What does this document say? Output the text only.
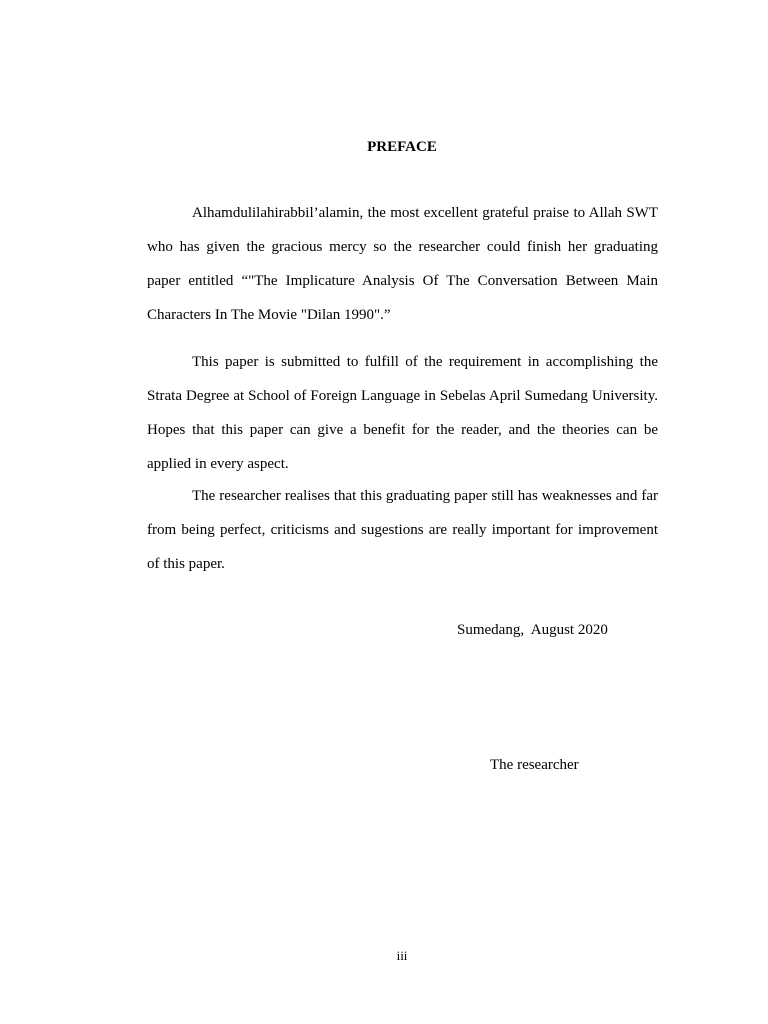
PREFACE

Alhamdulilahirabbil’alamin, the most excellent grateful praise to Allah SWT who has given the gracious mercy so the researcher could finish her graduating paper entitled “"The Implicature Analysis Of The Conversation Between Main Characters In The Movie "Dilan 1990".”

This paper is submitted to fulfill of the requirement in accomplishing the Strata Degree at School of Foreign Language in Sebelas April Sumedang University. Hopes that this paper can give a benefit for the reader, and the theories can be applied in every aspect.

The researcher realises that this graduating paper still has weaknesses and far from being perfect, criticisms and sugestions are really important for improvement of this paper.

Sumedang,  August 2020

The researcher

iii
